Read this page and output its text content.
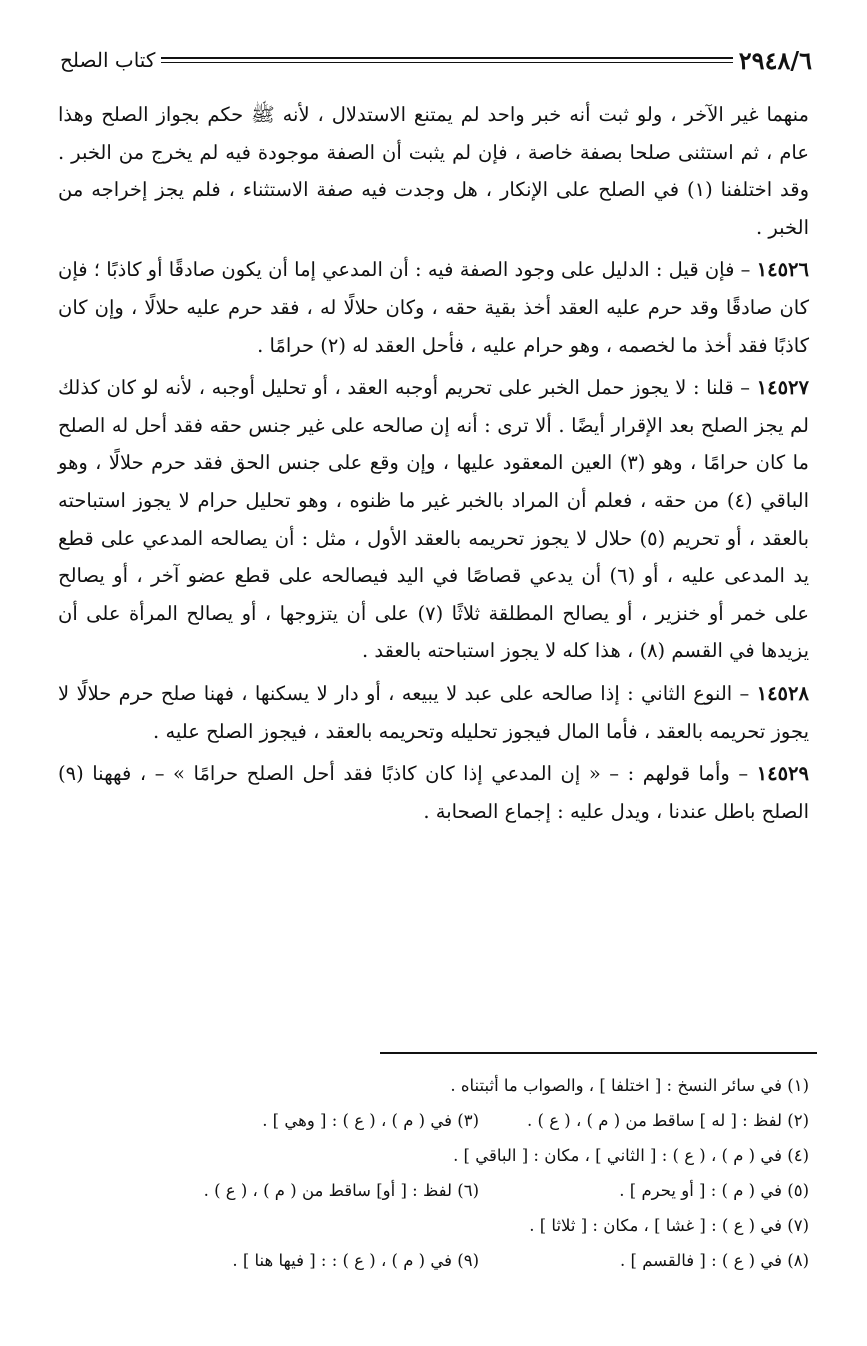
٢٩٤٨/٦
كتاب الصلح

منهما غير الآخر ، ولو ثبت أنه خبر واحد لم يمتنع الاستدلال ، لأنه ﷺ حكم بجواز الصلح وهذا عام ، ثم استثنى صلحا بصفة خاصة ، فإن لم يثبت أن الصفة موجودة فيه لم يخرج من الخبر . وقد اختلفنا (١) في الصلح على الإنكار ، هل وجدت فيه صفة الاستثناء ، فلم يجز إخراجه من الخبر .

١٤٥٢٦ – فإن قيل : الدليل على وجود الصفة فيه : أن المدعي إما أن يكون صادقًا أو كاذبًا ؛ فإن كان صادقًا وقد حرم عليه العقد أخذ بقية حقه ، وكان حلالًا له ، فقد حرم عليه حلالًا ، وإن كان كاذبًا فقد أخذ ما لخصمه ، وهو حرام عليه ، فأحل العقد له (٢) حرامًا .

١٤٥٢٧ – قلنا : لا يجوز حمل الخبر على تحريم أوجبه العقد ، أو تحليل أوجبه ، لأنه لو كان كذلك لم يجز الصلح بعد الإقرار أيضًا . ألا ترى : أنه إن صالحه على غير جنس حقه فقد أحل له الصلح ما كان حرامًا ، وهو (٣) العين المعقود عليها ، وإن وقع على جنس الحق فقد حرم حلالًا ، وهو الباقي (٤) من حقه ، فعلم أن المراد بالخبر غير ما ظنوه ، وهو تحليل حرام لا يجوز استباحته بالعقد ، أو تحريم (٥) حلال لا يجوز تحريمه بالعقد الأول ، مثل : أن يصالحه المدعي على قطع يد المدعى عليه ، أو (٦) أن يدعي قصاصًا في اليد فيصالحه على قطع عضو آخر ، أو يصالح على خمر أو خنزير ، أو يصالح المطلقة ثلاثًا (٧) على أن يتزوجها ، أو يصالح المرأة على أن يزيدها في القسم (٨) ، هذا كله لا يجوز استباحته بالعقد .

١٤٥٢٨ – النوع الثاني : إذا صالحه على عبد لا يبيعه ، أو دار لا يسكنها ، فهنا صلح حرم حلالًا لا يجوز تحريمه بالعقد ، فأما المال فيجوز تحليله وتحريمه بالعقد ، فيجوز الصلح عليه .

١٤٥٢٩ – وأما قولهم : – « إن المدعي إذا كان كاذبًا فقد أحل الصلح حرامًا » – ، فههنا (٩) الصلح باطل عندنا ، ويدل عليه : إجماع الصحابة .

(١) في سائر النسخ : [ اختلفا ] ، والصواب ما أثبتناه .
(٢) لفظ : [ له ] ساقط من ( م ) ، ( ع ) .
(٣) في ( م ) ، ( ع ) : [ وهي ] .
(٤) في ( م ) ، ( ع ) : [ الثاني ] ، مكان : [ الباقي ] .
(٥) في ( م ) : [ أو يحرم ] .
(٦) لفظ : [ أو] ساقط من ( م ) ، ( ع ) .
(٧) في ( ع ) : [ غشا ] ، مكان : [ ثلاثا ] .
(٨) في ( ع ) : [ فالقسم ] .
(٩) في ( م ) ، ( ع ) : : [ فيها هنا ] .
